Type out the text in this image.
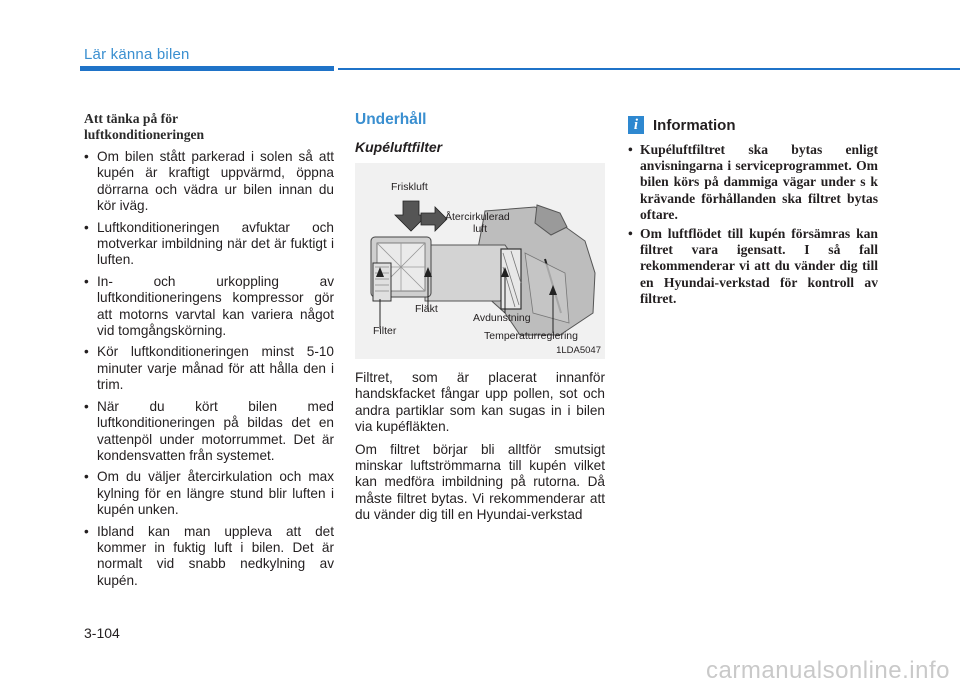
Lär känna bilen
Att tänka på för
luftkonditioneringen
• Om bilen stått parkerad i solen så att kupén är kraftigt uppvärmd, öppna dörrarna och vädra ur bilen innan du kör iväg.
• Luftkonditioneringen avfuktar och motverkar imbildning när det är fuktigt i luften.
• In- och urkoppling av luftkonditioneringens kompressor gör att motorns varvtal kan variera något vid tomgångskörning.
• Kör luftkonditioneringen minst 5-10 minuter varje månad för att hålla den i trim.
• När du kört bilen med luftkonditioneringen på bildas det en vattenpöl under motorrummet. Det är kondensvatten från systemet.
• Om du väljer återcirkulation och max kylning för en längre stund blir luften i kupén unken.
• Ibland kan man uppleva att det kommer in fuktig luft i bilen. Det är normalt vid snabb nedkylning av kupén.
Underhåll
Kupéluftfilter
Friskluft
Återcirkulerad
luft
Fläkt
Filter
Avdunstning
Temperaturreglering
1LDA5047

Filtret, som är placerat innanför handskfacket fångar upp pollen, sot och andra partiklar som kan sugas in i bilen via kupéfläkten.

Om filtret börjar bli alltför smutsigt minskar luftströmmarna till kupén vilket kan medföra imbildning på rutorna. Då måste filtret bytas. Vi rekommenderar att du vänder dig till en Hyundai-verkstad

i Information
• Kupéluftfiltret ska bytas enligt anvisningarna i serviceprogrammet. Om bilen körs på dammiga vägar under s k krävande förhållanden ska filtret bytas oftare.
• Om luftflödet till kupén försämras kan filtret vara igensatt. I så fall rekommenderar vi att du vänder dig till en Hyundai-verkstad för kontroll av filtret.
3-104
carmanualsonline.info
